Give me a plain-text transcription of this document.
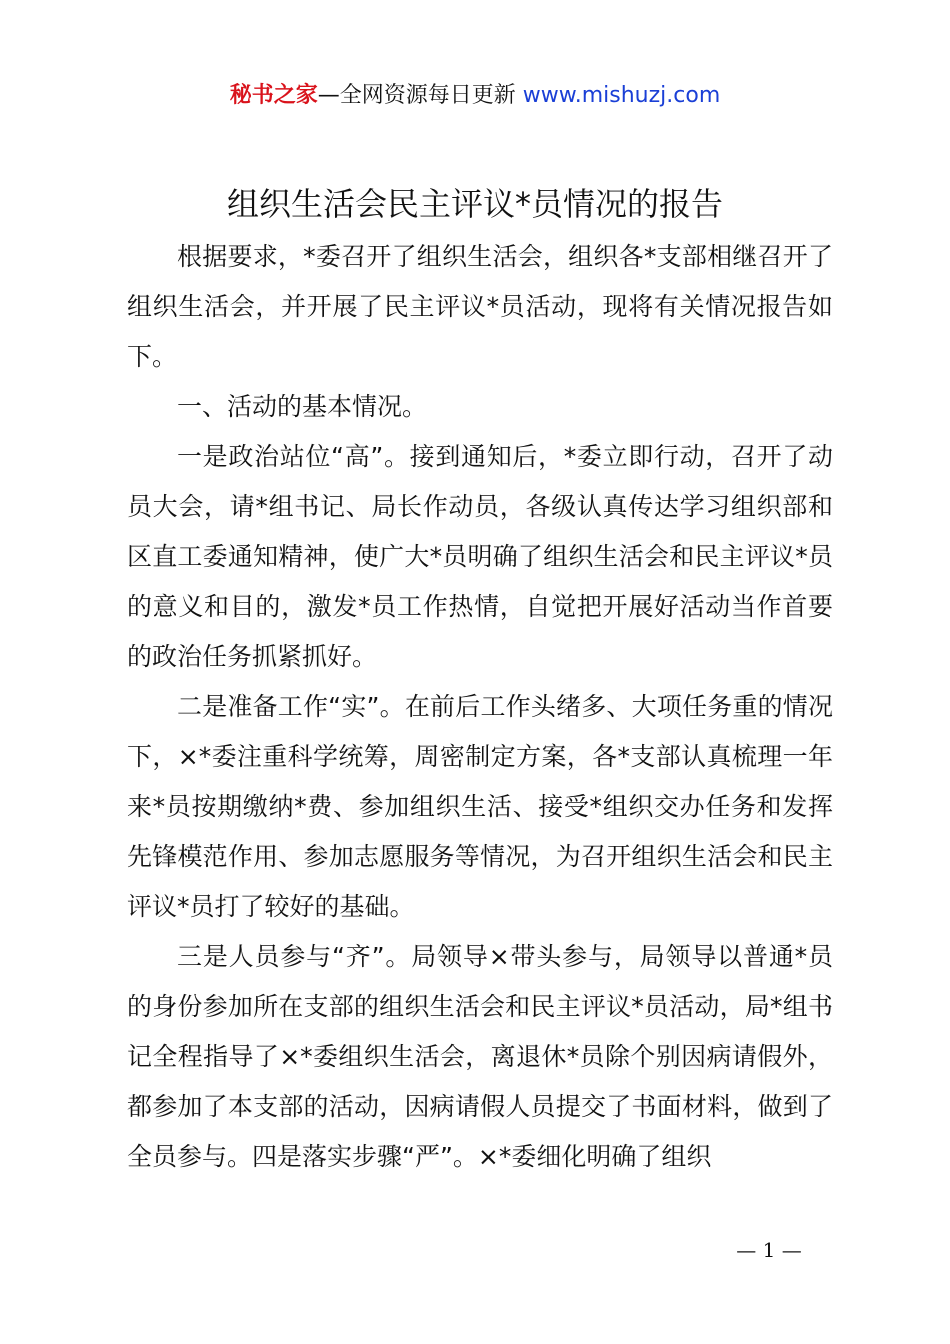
秘书之家—全网资源每日更新 www.mishuzj.com
组织生活会民主评议*员情况的报告

根据要求，*委召开了组织生活会，组织各*支部相继召开了组织生活会，并开展了民主评议*员活动，现将有关情况报告如下。

一、活动的基本情况。

一是政治站位“高”。接到通知后，*委立即行动，召开了动员大会，请*组书记、局长作动员，各级认真传达学习组织部和区直工委通知精神，使广大*员明确了组织生活会和民主评议*员的意义和目的，激发*员工作热情，自觉把开展好活动当作首要的政治任务抓紧抓好。

二是准备工作“实”。在前后工作头绪多、大项任务重的情况下，×*委注重科学统筹，周密制定方案，各*支部认真梳理一年来*员按期缴纳*费、参加组织生活、接受*组织交办任务和发挥先锋模范作用、参加志愿服务等情况，为召开组织生活会和民主评议*员打了较好的基础。

三是人员参与“齐”。局领导×带头参与，局领导以普通*员的身份参加所在支部的组织生活会和民主评议*员活动，局*组书记全程指导了×*委组织生活会，离退休*员除个别因病请假外，都参加了本支部的活动，因病请假人员提交了书面材料，做到了全员参与。四是落实步骤“严”。×*委细化明确了组织

— 1 —
